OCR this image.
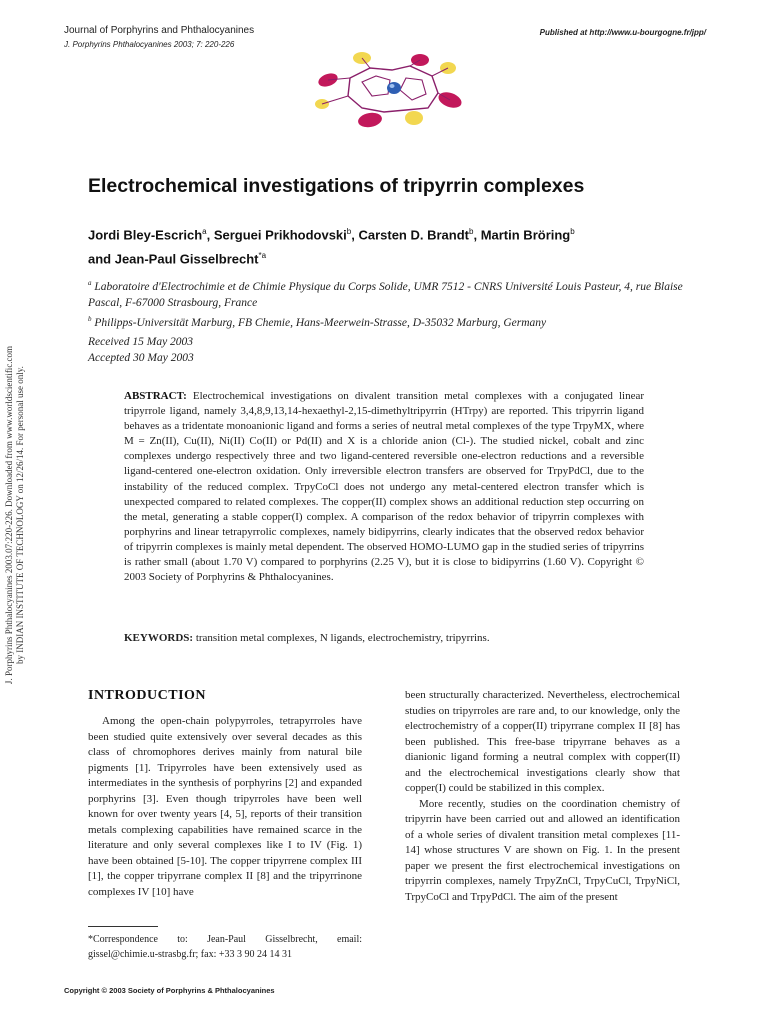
Journal of Porphyrins and Phthalocyanines
J. Porphyrins Phthalocyanines 2003; 7: 220-226
Published at http://www.u-bourgogne.fr/jpp/
Electrochemical investigations of tripyrrin complexes
Jordi Bley-Escrich$^a$, Serguei Prikhodovski$^b$, Carsten D. Brandt$^b$, Martin Bröring$^b$
and Jean-Paul Gisselbrecht$^{*a}$
$^a$ Laboratoire d'Electrochimie et de Chimie Physique du Corps Solide, UMR 7512 - CNRS Université Louis Pasteur, 4, rue Blaise Pascal, F-67000 Strasbourg, France
$^b$ Philipps-Universität Marburg, FB Chemie, Hans-Meerwein-Strasse, D-35032 Marburg, Germany
Received 15 May 2003
Accepted 30 May 2003
ABSTRACT: Electrochemical investigations on divalent transition metal complexes with a conjugated linear tripyrrole ligand, namely 3,4,8,9,13,14-hexaethyl-2,15-dimethyltripyrrin (HTrpy) are reported. This tripyrrin ligand behaves as a tridentate monoanionic ligand and forms a series of neutral metal complexes of the type TrpyMX, where M = Zn(II), Cu(II), Ni(II) Co(II) or Pd(II) and X is a chloride anion (Cl-). The studied nickel, cobalt and zinc complexes undergo respectively three and two ligand-centered reversible one-electron reductions and a reversible ligand-centered one-electron oxidation. Only irreversible electron transfers are observed for TrpyPdCl, due to the instability of the reduced complex. TrpyCoCl does not undergo any metal-centered electron transfer which is unexpected compared to related complexes. The copper(II) complex shows an additional reduction step occurring on the metal, generating a stable copper(I) complex. A comparison of the redox behavior of tripyrrin complexes with porphyrins and linear tetrapyrrolic complexes, namely bidipyrrins, clearly indicates that the observed redox behavior of tripyrrin complexes is mainly metal dependent. The observed HOMO-LUMO gap in the studied series of tripyrrins is rather small (about 1.70 V) compared to porphyrins (2.25 V), but it is close to bidipyrrins (1.60 V). Copyright © 2003 Society of Porphyrins & Phthalocyanines.
KEYWORDS: transition metal complexes, N ligands, electrochemistry, tripyrrins.
INTRODUCTION

Among the open-chain polypyrroles, tetrapyrroles have been studied quite extensively over several decades as this class of chromophores derives mainly from natural bile pigments [1]. Tripyrroles have been extensively used as intermediates in the synthesis of porphyrins [2] and expanded porphyrins [3]. Even though tripyrroles have been well known for over twenty years [4, 5], reports of their transition metals complexing capabilities have remained scarce in the literature and only several complexes like I to IV (Fig. 1) have been obtained [5-10]. The copper tripyrrene complex III [1], the copper tripyrrane complex II [8] and the tripyrrinone complexes IV [10] have

been structurally characterized. Nevertheless, electrochemical studies on tripyrroles are rare and, to our knowledge, only the electrochemistry of a copper(II) tripyrrane complex II [8] has been published. This free-base tripyrrane behaves as a dianionic ligand forming a neutral complex with copper(II) and the electrochemical investigations clearly show that copper(I) could be stabilized in this complex.

More recently, studies on the coordination chemistry of tripyrrin have been carried out and allowed an identification of a whole series of divalent transition metal complexes [11-14] whose structures V are shown on Fig. 1. In the present paper we present the first electrochemical investigations on tripyrrin complexes, namely TrpyZnCl, TrpyCuCl, TrpyNiCl, TrpyCoCl and TrpyPdCl. The aim of the present

*Correspondence to: Jean-Paul Gisselbrecht, email: gissel@chimie.u-strasbg.fr; fax: +33 3 90 24 14 31
Copyright © 2003 Society of Porphyrins & Phthalocyanines
J. Porphyrins Phthalocyanines 2003.07:220-226. Downloaded from www.worldscientific.com by INDIAN INSTITUTE OF TECHNOLOGY on 12/26/14. For personal use only.
